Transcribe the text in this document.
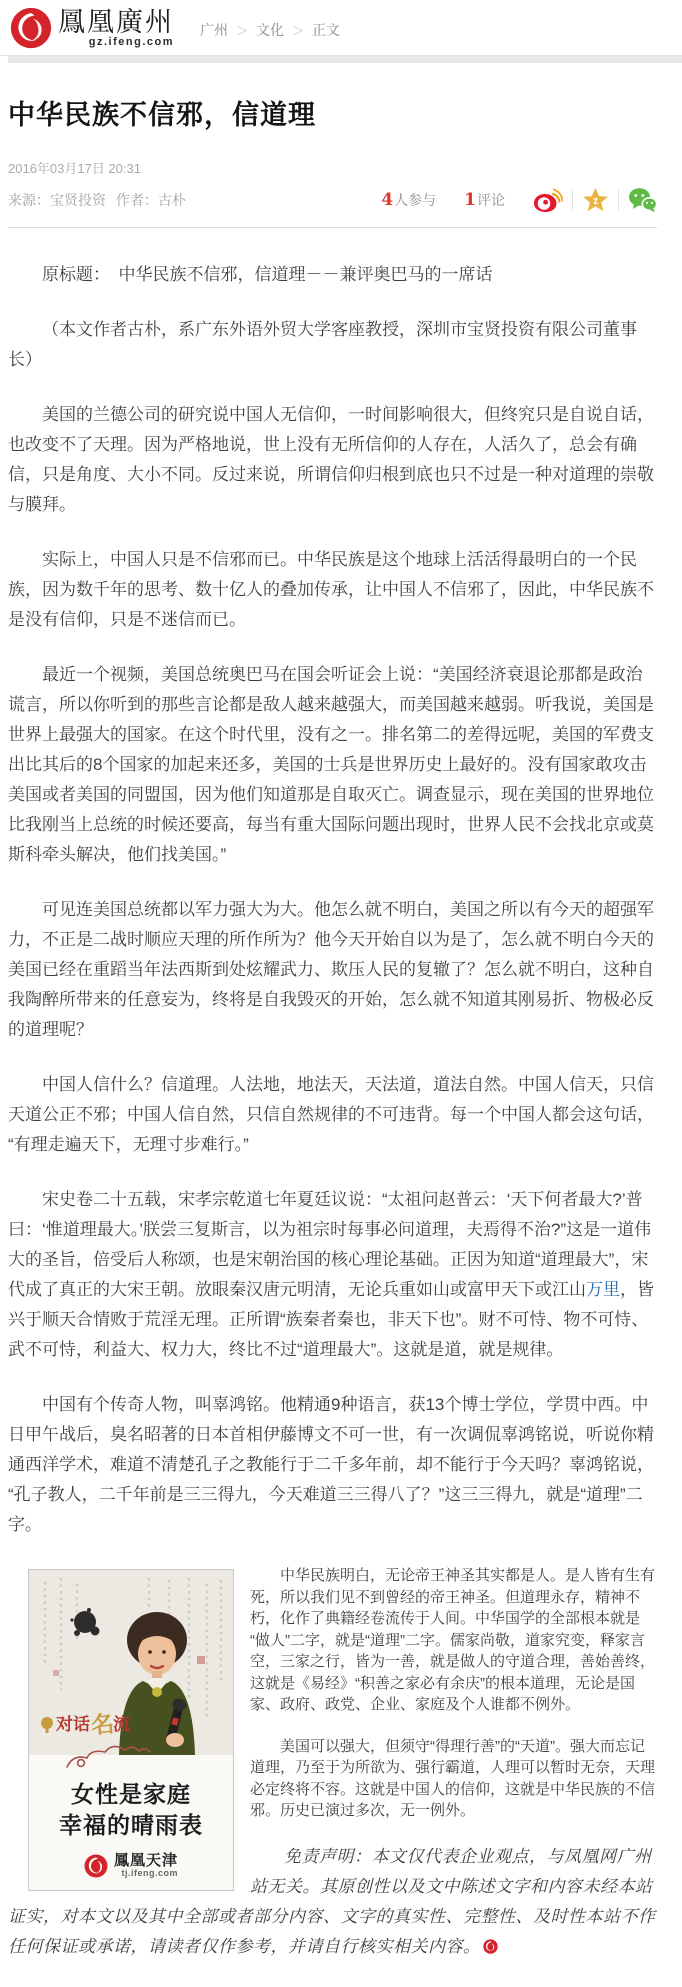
鳳凰廣州
gz.ifeng.com
广州 ＞ 文化 ＞ 正文
中华民族不信邪，信道理
2016年03月17日 20:31
来源：宝贤投资 作者：古朴	4人参与 1评论	z

原标题：　中华民族不信邪，信道理－－兼评奥巴马的一席话

（本文作者古朴，系广东外语外贸大学客座教授，深圳市宝贤投资有限公司董事长）

美国的兰德公司的研究说中国人无信仰，一时间影响很大，但终究只是自说自话，也改变不了天理。因为严格地说，世上没有无所信仰的人存在，人活久了，总会有确信，只是角度、大小不同。反过来说，所谓信仰归根到底也只不过是一种对道理的崇敬与膜拜。

实际上，中国人只是不信邪而已。中华民族是这个地球上活活得最明白的一个民族，因为数千年的思考、数十亿人的叠加传承，让中国人不信邪了，因此，中华民族不是没有信仰，只是不迷信而已。

最近一个视频，美国总统奥巴马在国会听证会上说：“美国经济衰退论那都是政治谎言，所以你听到的那些言论都是敌人越来越强大，而美国越来越弱。听我说，美国是世界上最强大的国家。在这个时代里，没有之一。排名第二的差得远呢，美国的军费支出比其后的8个国家的加起来还多，美国的士兵是世界历史上最好的。没有国家敢攻击美国或者美国的同盟国，因为他们知道那是自取灭亡。调查显示，现在美国的世界地位比我刚当上总统的时候还要高，每当有重大国际问题出现时，世界人民不会找北京或莫斯科牵头解决，他们找美国。”

可见连美国总统都以军力强大为大。他怎么就不明白，美国之所以有今天的超强军力，不正是二战时顺应天理的所作所为？他今天开始自以为是了，怎么就不明白今天的美国已经在重蹈当年法西斯到处炫耀武力、欺压人民的复辙了？怎么就不明白，这种自我陶醉所带来的任意妄为，终将是自我毁灭的开始，怎么就不知道其刚易折、物极必反的道理呢？

中国人信什么？信道理。人法地，地法天，天法道，道法自然。中国人信天，只信天道公正不邪；中国人信自然，只信自然规律的不可违背。每一个中国人都会这句话，“有理走遍天下，无理寸步难行。”

宋史卷二十五载，宋孝宗乾道七年夏廷议说：“太祖问赵普云：‘天下何者最大?’普曰：‘惟道理最大。’朕尝三复斯言，以为祖宗时每事必问道理，夫焉得不治?”这是一道伟大的圣旨，倍受后人称颂，也是宋朝治国的核心理论基础。正因为知道“道理最大”，宋代成了真正的大宋王朝。放眼秦汉唐元明清，无论兵重如山或富甲天下或江山万里，皆兴于顺天合情败于荒淫无理。正所谓“族秦者秦也，非天下也”。财不可恃、物不可恃、武不可恃，利益大、权力大，终比不过“道理最大”。这就是道，就是规律。

中国有个传奇人物，叫辜鸿铭。他精通9种语言，获13个博士学位，学贯中西。中日甲午战后，臭名昭著的日本首相伊藤博文不可一世，有一次调侃辜鸿铭说，听说你精通西洋学术，难道不清楚孔子之教能行于二千多年前，却不能行于今天吗？辜鸿铭说，“孔子教人，二千年前是三三得九，今天难道三三得八了？”这三三得九，就是“道理”二字。

对话 名
流
女性是家庭
幸福的晴雨表
鳳凰天津
tj.ifeng.com

中华民族明白，无论帝王神圣其实都是人。是人皆有生有死，所以我们见不到曾经的帝王神圣。但道理永存，精神不朽，化作了典籍经卷流传于人间。中华国学的全部根本就是“做人”二字，就是“道理”二字。儒家尚敬，道家究变，释家言空，三家之行，皆为一善，就是做人的守道合理，善始善终，这就是《易经》“积善之家必有余庆”的根本道理，无论是国家、政府、政党、企业、家庭及个人谁都不例外。

美国可以强大，但须守“得理行善”的“天道”。强大而忘记道理，乃至于为所欲为、强行霸道，人理可以暂时无奈，天理必定终将不容。这就是中国人的信仰，这就是中华民族的不信邪。历史已演过多次，无一例外。

免责声明：本文仅代表企业观点，与凤凰网广州站无关。其原创性以及文中陈述文字和内容未经本站证实，对本文以及其中全部或者部分内容、文字的真实性、完整性、及时性本站不作任何保证或承诺，请读者仅作参考，并请自行核实相关内容。
